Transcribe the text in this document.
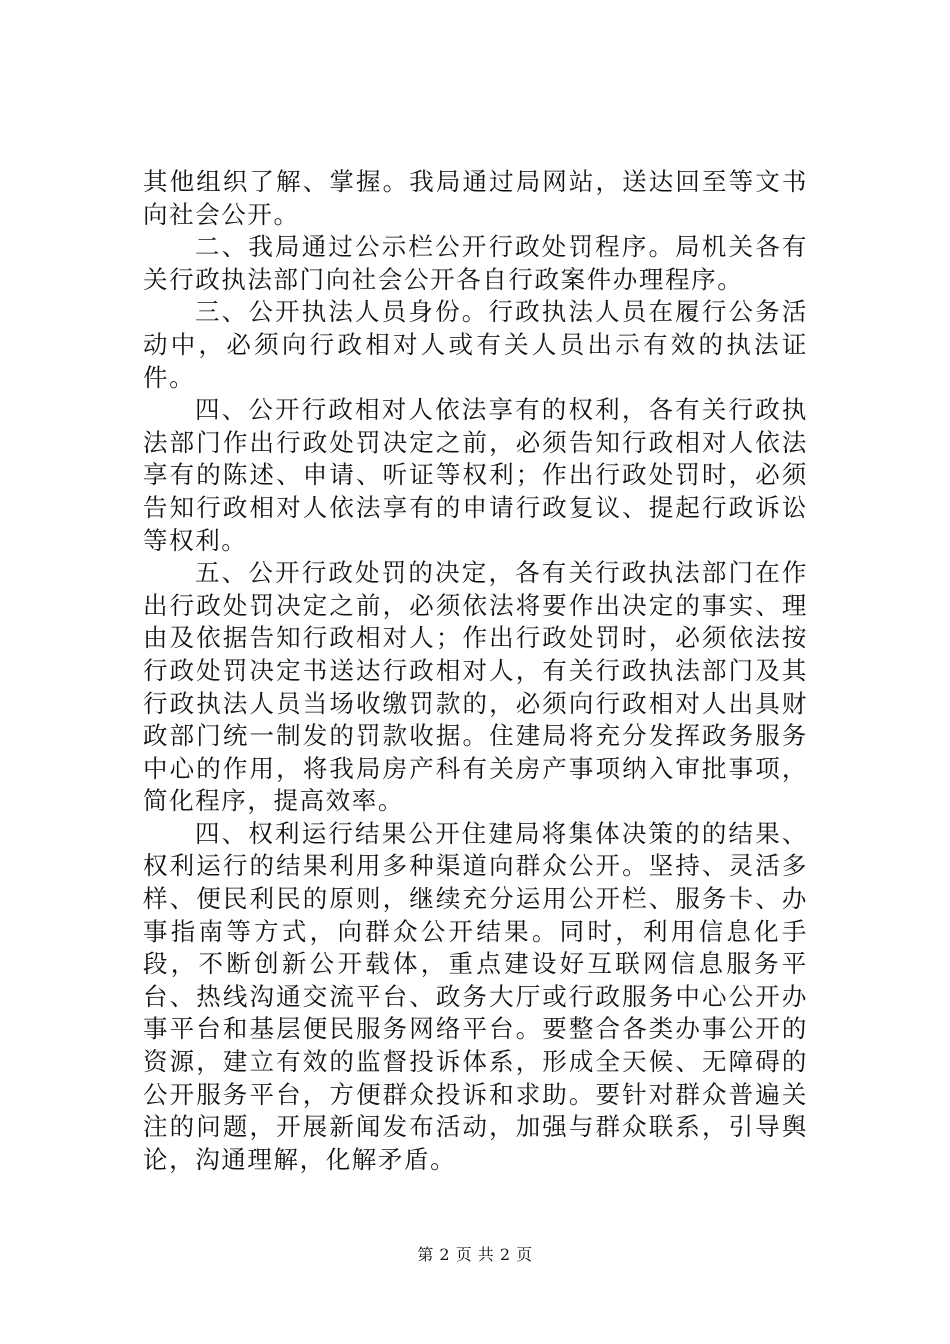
其他组织了解、掌握。我局通过局网站，送达回至等文书向社会公开。

二、我局通过公示栏公开行政处罚程序。局机关各有关行政执法部门向社会公开各自行政案件办理程序。

三、公开执法人员身份。行政执法人员在履行公务活动中，必须向行政相对人或有关人员出示有效的执法证件。

四、公开行政相对人依法享有的权利，各有关行政执法部门作出行政处罚决定之前，必须告知行政相对人依法享有的陈述、申请、听证等权利；作出行政处罚时，必须告知行政相对人依法享有的申请行政复议、提起行政诉讼等权利。

五、公开行政处罚的决定，各有关行政执法部门在作出行政处罚决定之前，必须依法将要作出决定的事实、理由及依据告知行政相对人；作出行政处罚时，必须依法按行政处罚决定书送达行政相对人，有关行政执法部门及其行政执法人员当场收缴罚款的，必须向行政相对人出具财政部门统一制发的罚款收据。住建局将充分发挥政务服务中心的作用，将我局房产科有关房产事项纳入审批事项，简化程序，提高效率。

四、权利运行结果公开住建局将集体决策的的结果、权利运行的结果利用多种渠道向群众公开。坚持、灵活多样、便民利民的原则，继续充分运用公开栏、服务卡、办事指南等方式，向群众公开结果。同时，利用信息化手段，不断创新公开载体，重点建设好互联网信息服务平台、热线沟通交流平台、政务大厅或行政服务中心公开办事平台和基层便民服务网络平台。要整合各类办事公开的资源，建立有效的监督投诉体系，形成全天候、无障碍的公开服务平台，方便群众投诉和求助。要针对群众普遍关注的问题，开展新闻发布活动，加强与群众联系，引导舆论，沟通理解，化解矛盾。

第 2 页 共 2 页
